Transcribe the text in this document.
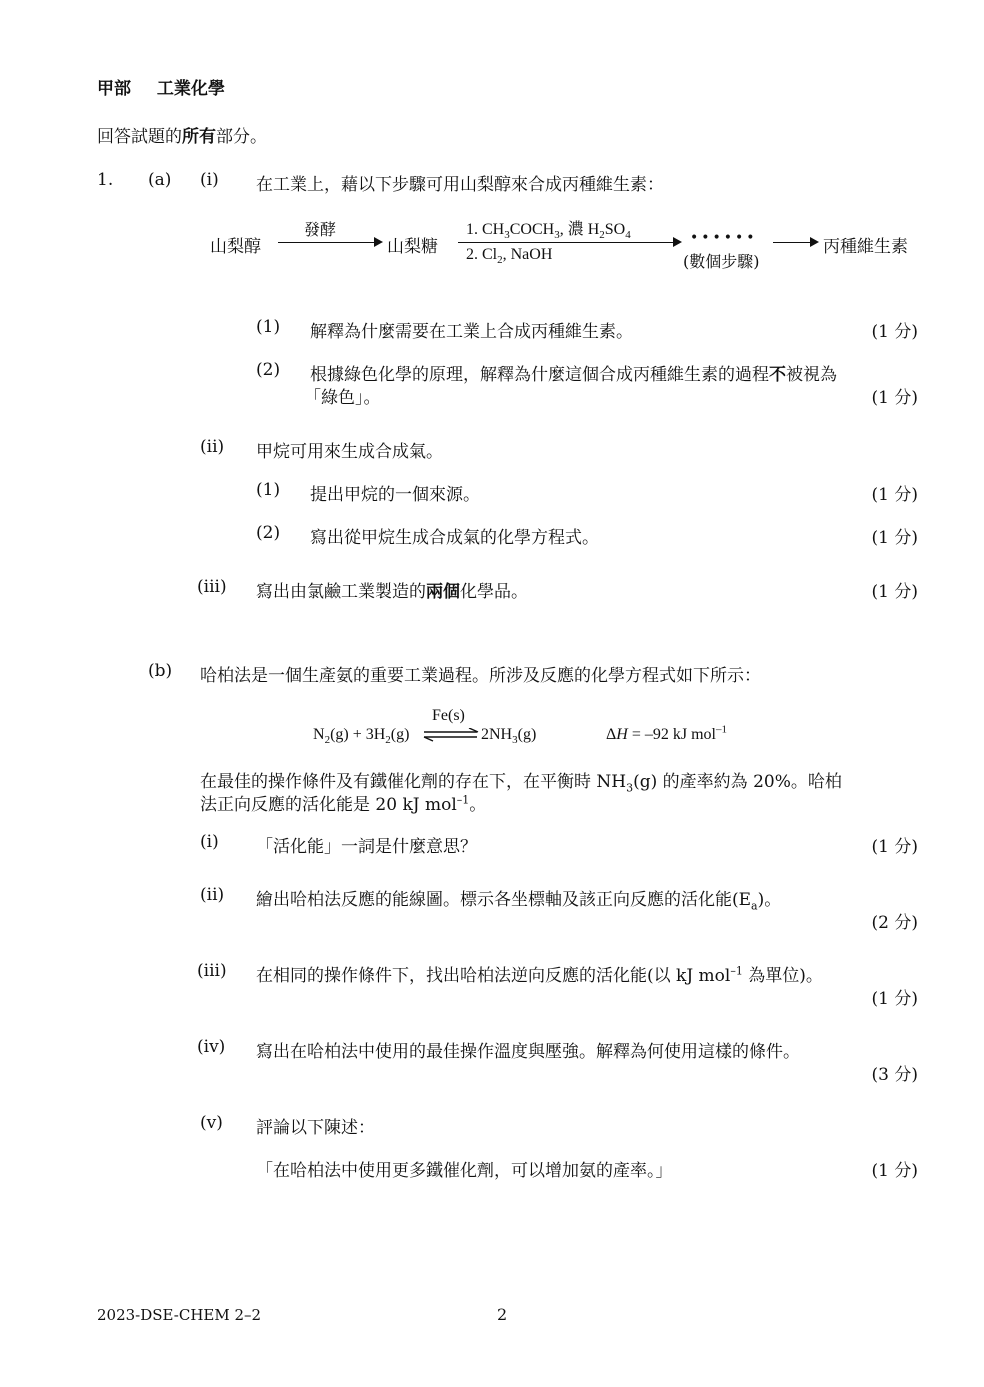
甲部 工業化學
回答試題的所有部分。
1. (a) (i) 在工業上，藉以下步驟可用山梨醇來合成丙種維生素：
山梨醇
發酵
山梨糖
1. $CH_3COCH_3$, 濃 $H_2SO_4$
2. $Cl_2$, NaOH
••••••
(數個步驟)
丙種維生素
(1) 解釋為什麼需要在工業上合成丙種維生素。	(1 分)
(2) 根據綠色化學的原理，解釋為什麼這個合成丙種維生素的過程不被視為
「綠色」。	(1 分)
(ii) 甲烷可用來生成合成氣。
(1) 提出甲烷的一個來源。	(1 分)
(2) 寫出從甲烷生成合成氣的化學方程式。	(1 分)
(iii) 寫出由氯鹼工業製造的兩個化學品。	(1 分)
(b) 哈柏法是一個生產氨的重要工業過程。所涉及反應的化學方程式如下所示：
Fe(s)
$N_2(g) + 3H_2(g)$ ⇌ $2NH_3(g)$	ΔH = –92 kJ mol$^{-1}$
在最佳的操作條件及有鐵催化劑的存在下，在平衡時 $NH_3(g)$ 的產率約為 20%。哈柏
法正向反應的活化能是 20 kJ mol$^{-1}$。
(i) 「活化能」一詞是什麼意思？	(1 分)
(ii) 繪出哈柏法反應的能線圖。標示各坐標軸及該正向反應的活化能$(E_a)$。
(2 分)
(iii) 在相同的操作條件下，找出哈柏法逆向反應的活化能(以 kJ mol$^{-1}$ 為單位)。
(1 分)
(iv) 寫出在哈柏法中使用的最佳操作溫度與壓強。解釋為何使用這樣的條件。
(3 分)
(v) 評論以下陳述：
「在哈柏法中使用更多鐵催化劑，可以增加氨的產率。」	(1 分)
2023-DSE-CHEM 2–2	2
